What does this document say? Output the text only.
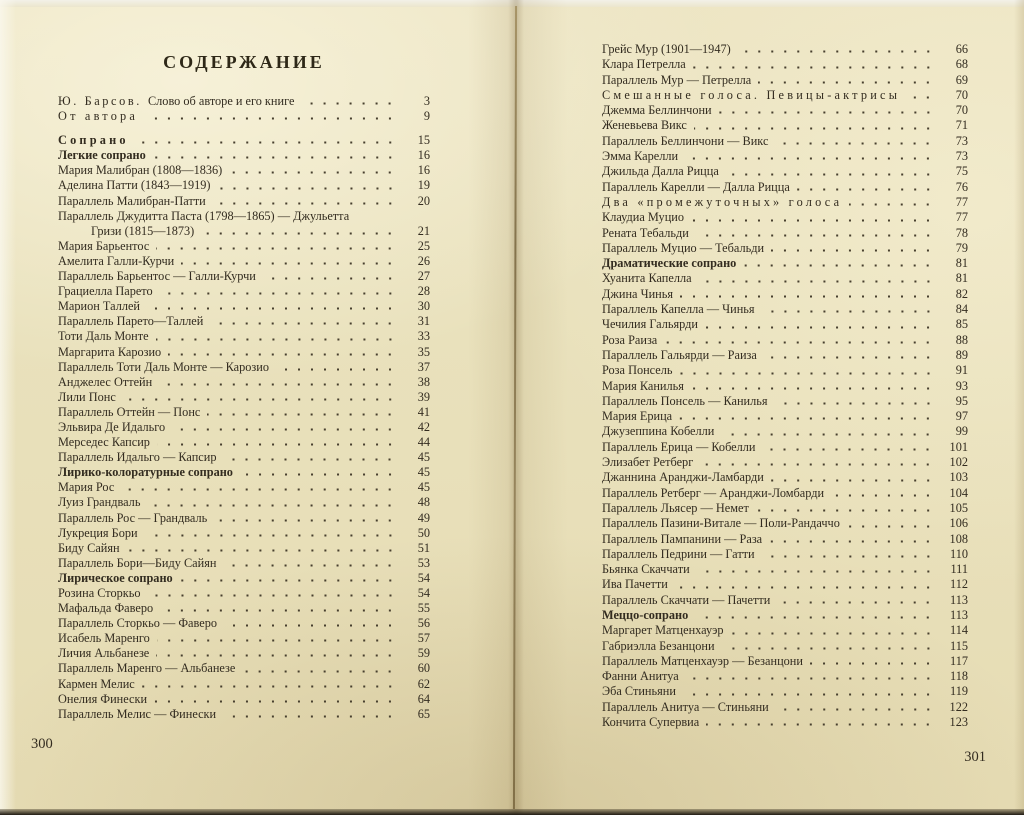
СОДЕРЖАНИЕ
Ю. Барсов. Слово об авторе и его книге	3
От автора	9
Сопрано	15
Легкие сопрано	16
Мария Малибран (1808—1836)	16
Аделина Патти (1843—1919)	19
Параллель Малибран-Патти	20
Параллель Джудитта Паста (1798—1865) — Джульетта
Гризи (1815—1873)	21
Мария Барьентос	25
Амелита Галли-Курчи	26
Параллель Барьентос — Галли-Курчи	27
Грациелла Парето	28
Марион Таллей	30
Параллель Парето—Таллей	31
Тоти Даль Монте	33
Маргарита Карозио	35
Параллель Тоти Даль Монте — Карозио	37
Анджелес Оттейн	38
Лили Понс	39
Параллель Оттейн — Понс	41
Эльвира Де Идальго	42
Мерседес Капсир	44
Параллель Идальго — Капсир	45
Лирико-колоратурные сопрано	45
Мария Рос	45
Луиз Грандваль	48
Параллель Рос — Грандваль	49
Лукреция Бори	50
Биду Сайян	51
Параллель Бори—Биду Сайян	53
Лирическое сопрано	54
Розина Сторкьо	54
Мафальда Фаверо	55
Параллель Сторкьо — Фаверо	56
Исабель Маренго	57
Личия Альбанезе	59
Параллель Маренго — Альбанезе	60
Кармен Мелис	62
Онелия Финески	64
Параллель Мелис — Финески	65
Грейс Мур (1901—1947)	66
Клара Петрелла	68
Параллель Мур — Петрелла	69
Смешанные голоса. Певицы-актрисы	70
Джемма Беллинчони	70
Женевьева Викс	71
Параллель Беллинчони — Викс	73
Эмма Карелли	73
Джильда Далла Рицца	75
Параллель Карелли — Далла Рицца	76
Два «промежуточных» голоса	77
Клаудиа Муцио	77
Рената Тебальди	78
Параллель Муцио — Тебальди	79
Драматические сопрано	81
Хуанита Капелла	81
Джина Чинья	82
Параллель Капелла — Чинья	84
Чечилия Гальярди	85
Роза Раиза	88
Параллель Гальярди — Раиза	89
Роза Понсель	91
Мария Канилья	93
Параллель Понсель — Канилья	95
Мария Ерица	97
Джузеппина Кобелли	99
Параллель Ерица — Кобелли	101
Элизабет Ретберг	102
Джаннина Аранджи-Ламбарди	103
Параллель Ретберг — Аранджи-Ломбарди	104
Параллель Льясер — Немет	105
Параллель Пазини-Витале — Поли-Рандаччо	106
Параллель Пампанини — Раза	108
Параллель Педрини — Гатти	110
Бьянка Скаччати	111
Ива Пачетти	112
Параллель Скаччати — Пачетти	113
Меццо-сопрано	113
Маргарет Матценхауэр	114
Габриэлла Безанцони	115
Параллель Матценхауэр — Безанцони	117
Фанни Анитуа	118
Эба Стиньяни	119
Параллель Анитуа — Стиньяни	122
Кончита Супервиа	123
300
301
